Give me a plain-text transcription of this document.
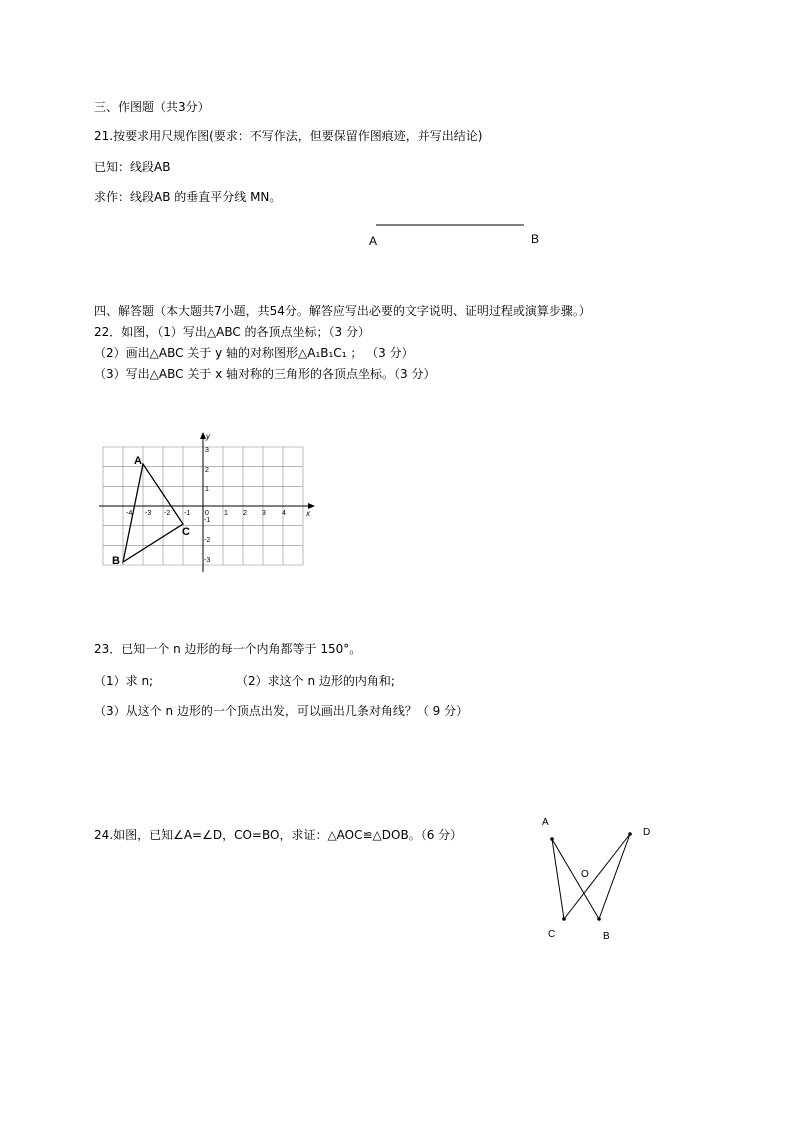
三、作图题（共3分）
21.按要求用尺规作图(要求：不写作法，但要保留作图痕迹，并写出结论)
已知：线段AB
求作：线段AB 的垂直平分线 MN。
A	B
四、解答题（本大题共7小题，共54分。解答应写出必要的文字说明、证明过程或演算步骤。）
22．如图，（1）写出△ABC 的各顶点坐标；（3 分）
（2）画出△ABC 关于 y 轴的对称图形△A₁B₁C₁ ； （3 分）
（3）写出△ABC 关于 x 轴对称的三角形的各顶点坐标。（3 分）
x
y
0
-4 -3 -2 -1	1 2 3 4
3
2
1
-1
-2
-3
A
B
C
23．已知一个 n 边形的每一个内角都等于 150°。
（1）求 n;	（2）求这个 n 边形的内角和;
（3）从这个 n 边形的一个顶点出发，可以画出几条对角线？（ 9 分）
24.如图，已知∠A=∠D，CO=BO，求证：△AOC≌△DOB。（6 分）
A
D
O
C	B
